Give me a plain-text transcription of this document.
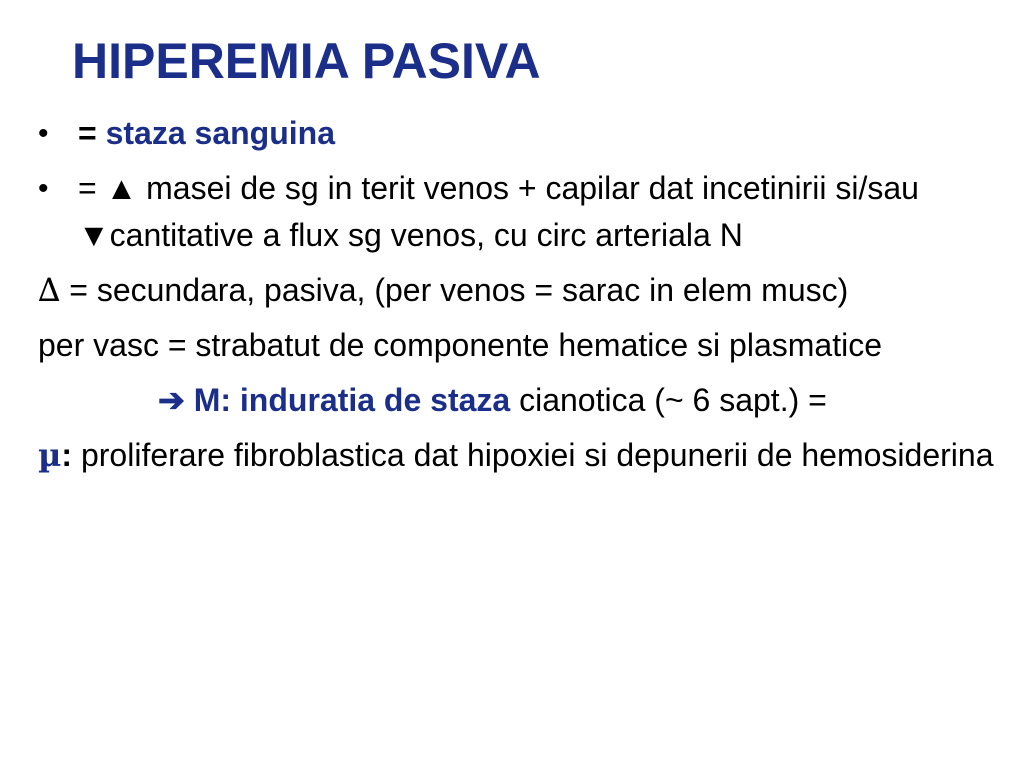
HIPEREMIA PASIVA
• = staza sanguina
• = ▲ masei de sg in terit venos + capilar dat incetinirii si/sau ▼cantitative a flux sg venos, cu circ arteriala N
∆ = secundara, pasiva, (per venos = sarac in elem musc)
per vasc = strabatut de componente hematice si plasmatice
➔ M: induratia de staza cianotica (~ 6 sapt.) =
µ: proliferare fibroblastica dat hipoxiei si depunerii de hemosiderina
